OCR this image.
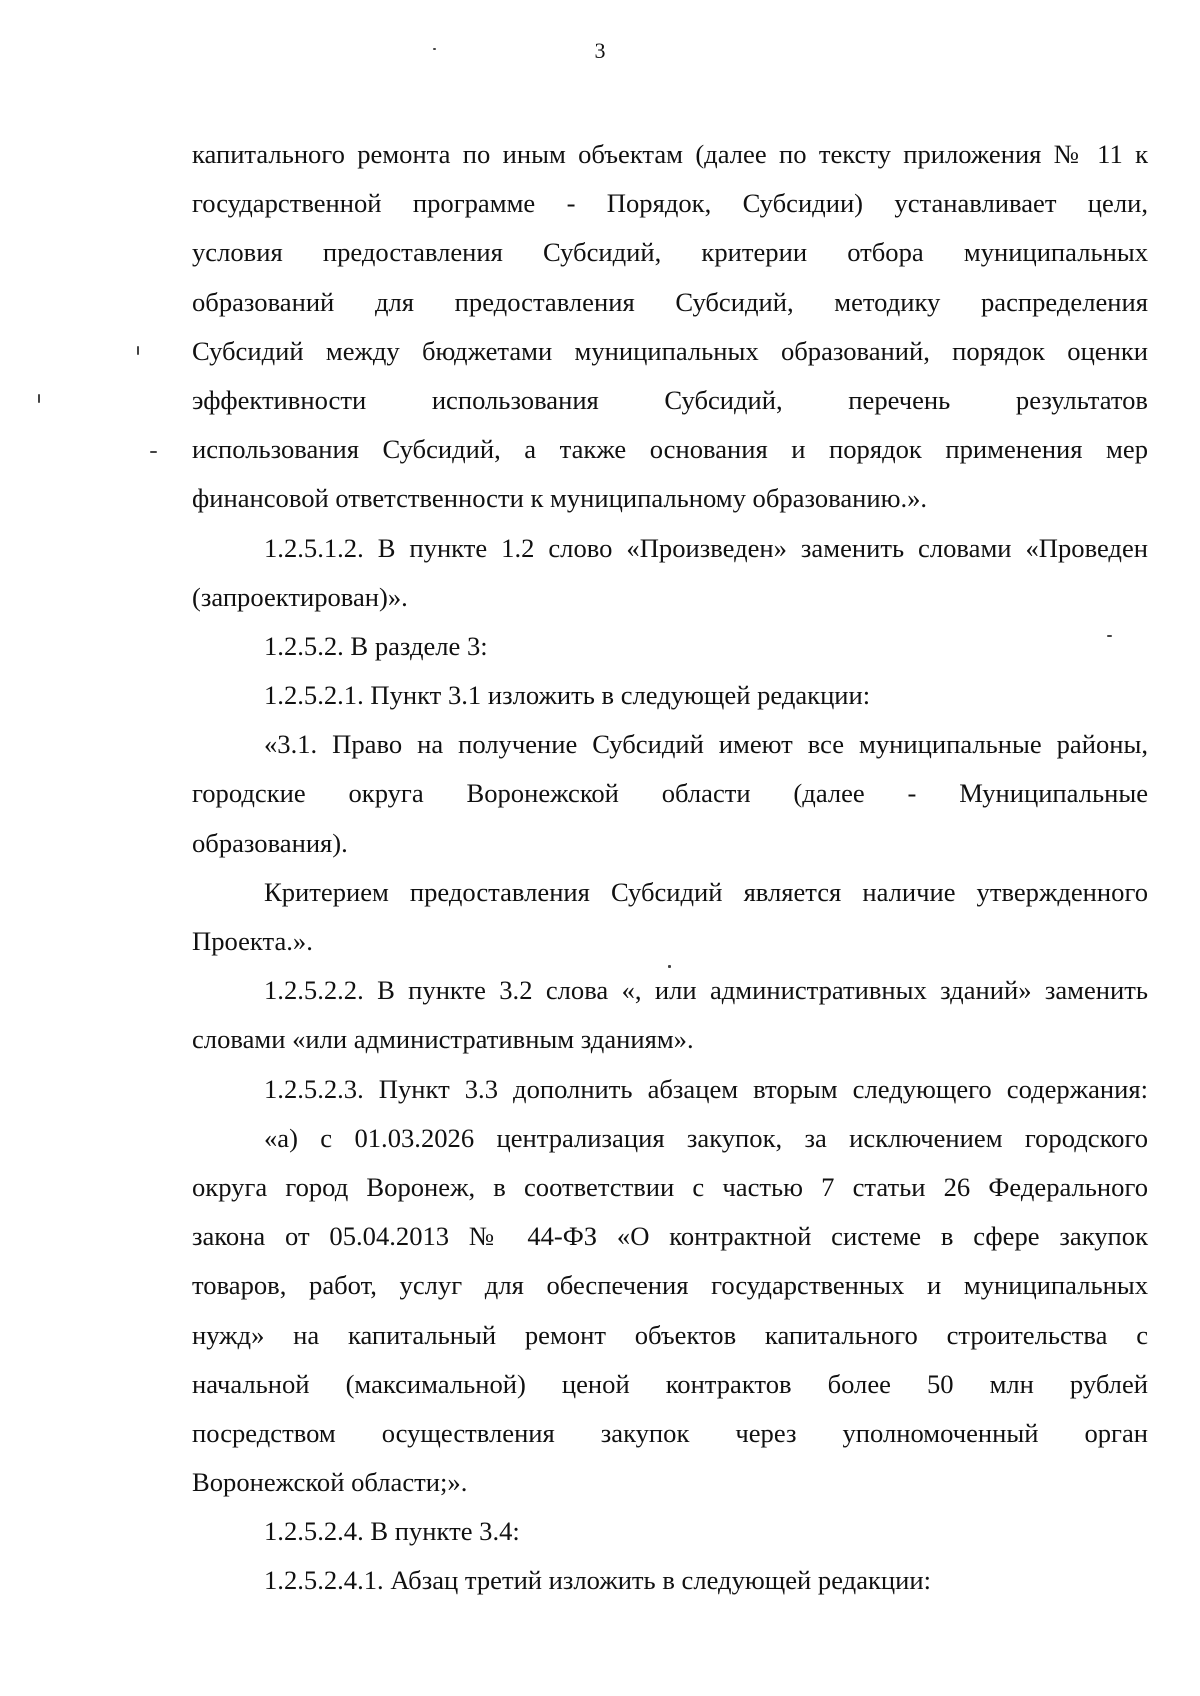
3
капитального ремонта по иным объектам (далее по тексту приложения № 11 к
государственной программе - Порядок, Субсидии) устанавливает цели,
условия предоставления Субсидий, критерии отбора муниципальных
образований для предоставления Субсидий, методику распределения
Субсидий между бюджетами муниципальных образований, порядок оценки
эффективности использования Субсидий, перечень результатов
использования Субсидий, а также основания и порядок применения мер
финансовой ответственности к муниципальному образованию.».
1.2.5.1.2. В пункте 1.2 слово «Произведен» заменить словами «Проведен
(запроектирован)».
1.2.5.2. В разделе 3:
1.2.5.2.1. Пункт 3.1 изложить в следующей редакции:
«3.1. Право на получение Субсидий имеют все муниципальные районы,
городские округа Воронежской области (далее - Муниципальные
образования).
Критерием предоставления Субсидий является наличие утвержденного
Проекта.».
1.2.5.2.2. В пункте 3.2 слова «, или административных зданий» заменить
словами «или административным зданиям».
1.2.5.2.3. Пункт 3.3 дополнить абзацем вторым следующего содержания:
«а) с 01.03.2026 централизация закупок, за исключением городского
округа город Воронеж, в соответствии с частью 7 статьи 26 Федерального
закона от 05.04.2013 № 44-ФЗ «О контрактной системе в сфере закупок
товаров, работ, услуг для обеспечения государственных и муниципальных
нужд» на капитальный ремонт объектов капитального строительства с
начальной (максимальной) ценой контрактов более 50 млн рублей
посредством осуществления закупок через уполномоченный орган
Воронежской области;».
1.2.5.2.4. В пункте 3.4:
1.2.5.2.4.1. Абзац третий изложить в следующей редакции:
